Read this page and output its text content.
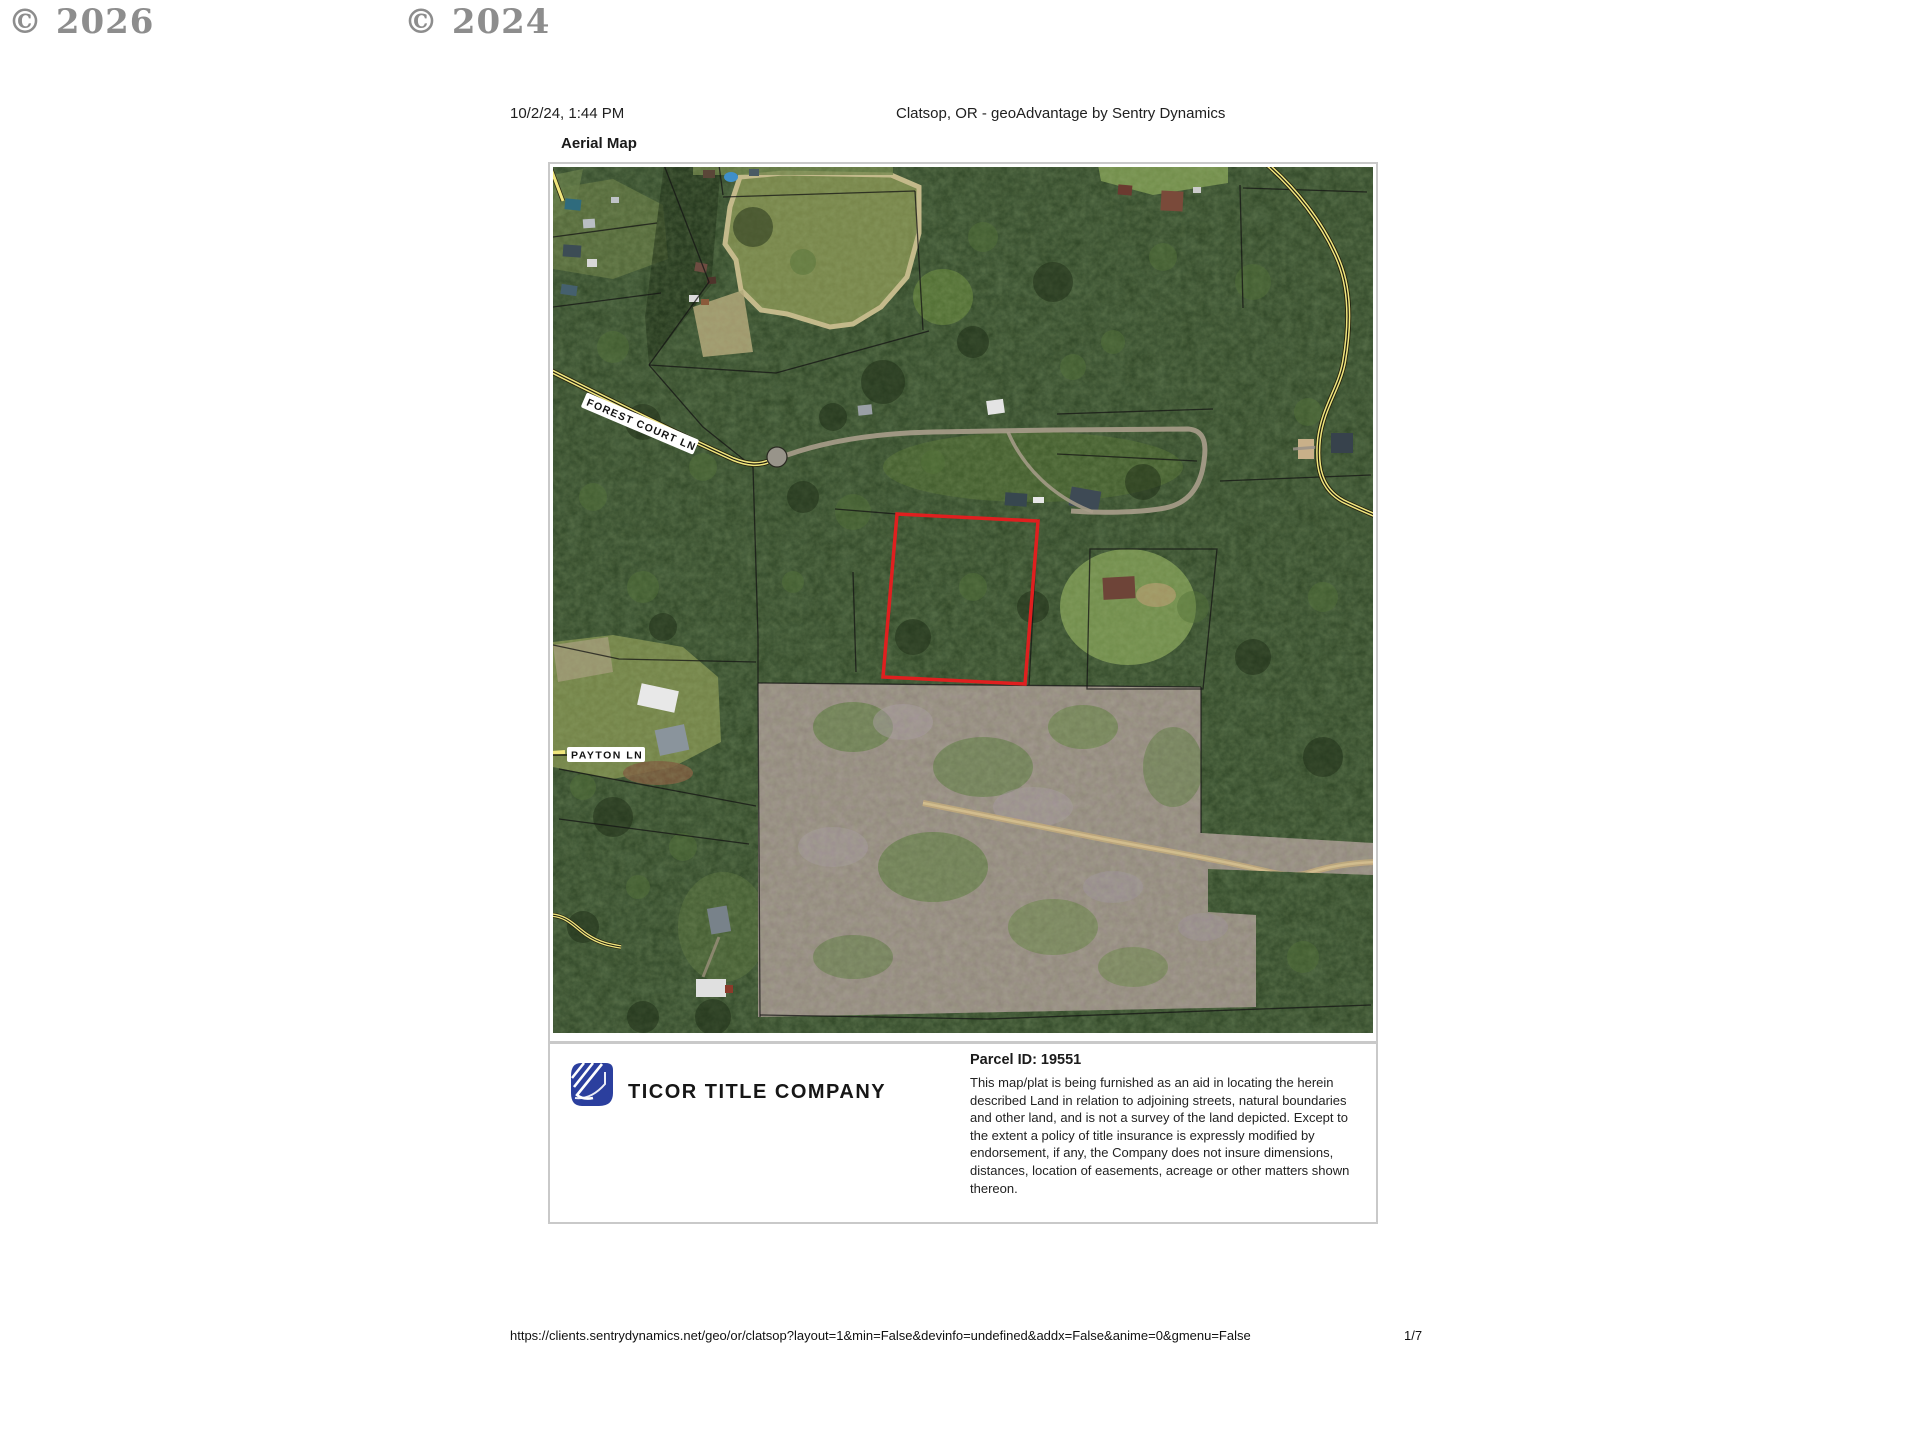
© 2026	© 2024
10/2/24, 1:44 PM	Clatsop, OR - geoAdvantage by Sentry Dynamics
Aerial Map
FOREST COURT LN
PAYTON LN
TICOR TITLE COMPANY

Parcel ID: 19551

This map/plat is being furnished as an aid in locating the herein described Land in relation to adjoining streets, natural boundaries and other land, and is not a survey of the land depicted. Except to the extent a policy of title insurance is expressly modified by endorsement, if any, the Company does not insure dimensions, distances, location of easements, acreage or other matters shown thereon.

https://clients.sentrydynamics.net/geo/or/clatsop?layout=1&min=False&devinfo=undefined&addx=False&anime=0&gmenu=False	1/7
